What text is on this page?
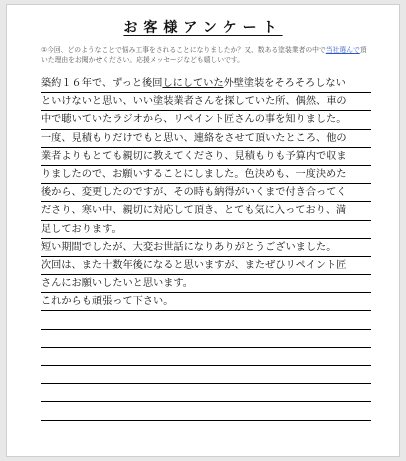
お客様アンケート
①今回、どのようなことで悩み工事をされることになりましたか？又、数ある塗装業者の中で当社選んで頂いた理由をお聞かせください。応援メッセージなども嬉しいです。
築約１６年で、ずっと後回しにしていた外壁塗装をそろそろしない
といけないと思い、いい塗装業者さんを探していた所、偶然、車の
中で聴いていたラジオから、リペイント匠さんの事を知りました。
一度、見積もりだけでもと思い、連絡をさせて頂いたところ、他の
業者よりもとても親切に教えてくださり、見積もりも予算内で収ま
りましたので、お願いすることにしました。色決めも、一度決めた
後から、変更したのですが、その時も納得がいくまで付き合ってく
ださり、寒い中、親切に対応して頂き、とても気に入っており、満
足しております。
短い期間でしたが、大変お世話になりありがとうございました。
次回は、また十数年後になると思いますが、またぜひリペイント匠
さんにお願いしたいと思います。
これからも頑張って下さい。
